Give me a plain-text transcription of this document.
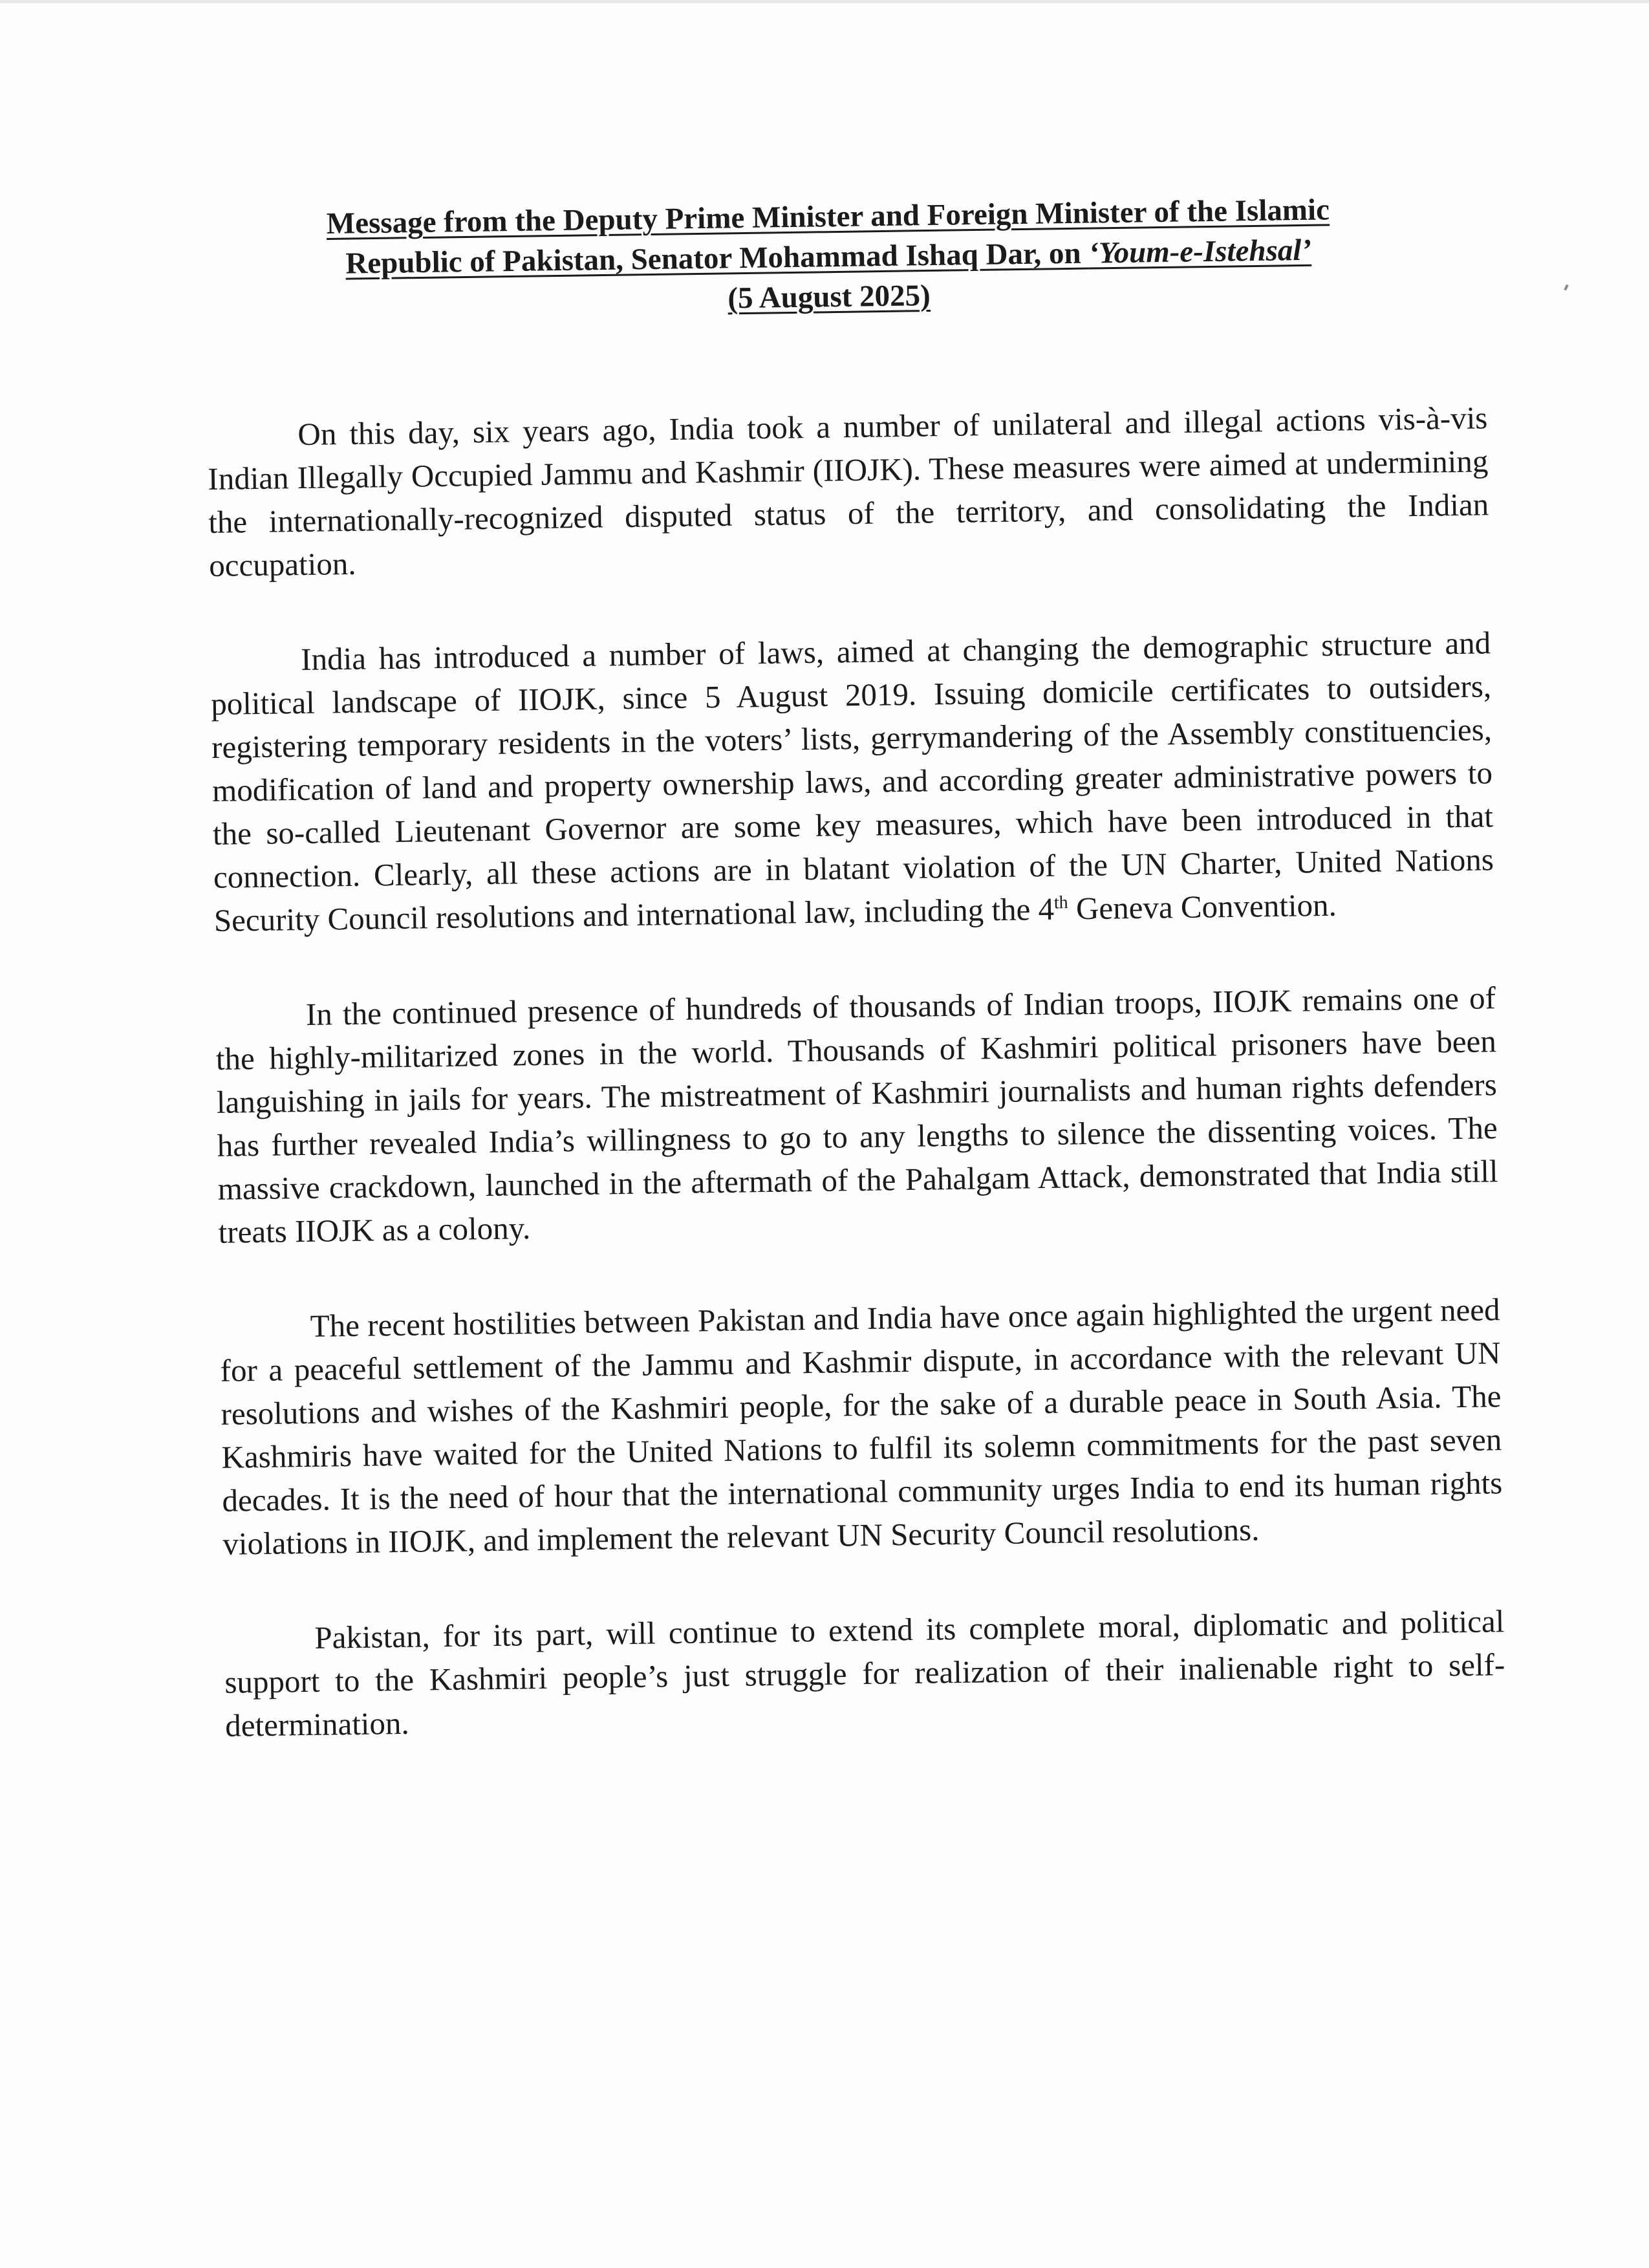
Message from the Deputy Prime Minister and Foreign Minister of the Islamic
Republic of Pakistan, Senator Mohammad Ishaq Dar, on ‘Youm-e-Istehsal’
(5 August 2025)

On this day, six years ago, India took a number of unilateral and illegal actions vis-à-vis Indian Illegally Occupied Jammu and Kashmir (IIOJK). These measures were aimed at undermining the internationally-recognized disputed status of the territory, and consolidating the Indian occupation.

India has introduced a number of laws, aimed at changing the demographic structure and political landscape of IIOJK, since 5 August 2019. Issuing domicile certificates to outsiders, registering temporary residents in the voters’ lists, gerrymandering of the Assembly constituencies, modification of land and property ownership laws, and according greater administrative powers to the so-called Lieutenant Governor are some key measures, which have been introduced in that connection. Clearly, all these actions are in blatant violation of the UN Charter, United Nations Security Council resolutions and international law, including the 4th Geneva Convention.

In the continued presence of hundreds of thousands of Indian troops, IIOJK remains one of the highly-militarized zones in the world. Thousands of Kashmiri political prisoners have been languishing in jails for years. The mistreatment of Kashmiri journalists and human rights defenders has further revealed India’s willingness to go to any lengths to silence the dissenting voices. The massive crackdown, launched in the aftermath of the Pahalgam Attack, demonstrated that India still treats IIOJK as a colony.

The recent hostilities between Pakistan and India have once again highlighted the urgent need for a peaceful settlement of the Jammu and Kashmir dispute, in accordance with the relevant UN resolutions and wishes of the Kashmiri people, for the sake of a durable peace in South Asia. The Kashmiris have waited for the United Nations to fulfil its solemn commitments for the past seven decades. It is the need of hour that the international community urges India to end its human rights violations in IIOJK, and implement the relevant UN Security Council resolutions.

Pakistan, for its part, will continue to extend its complete moral, diplomatic and political support to the Kashmiri people’s just struggle for realization of their inalienable right to self-determination.
